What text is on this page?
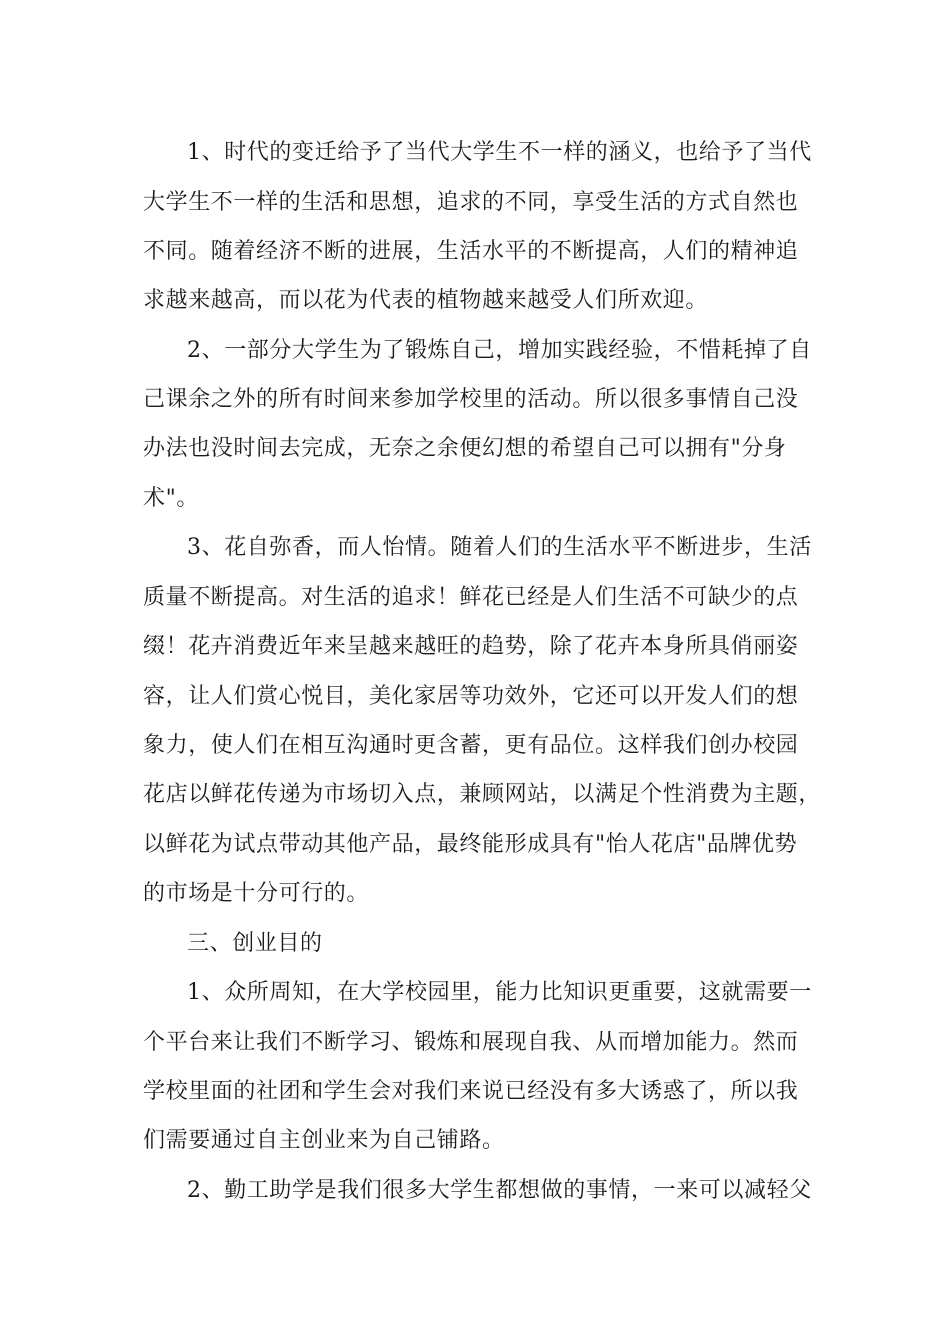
1、时代的变迁给予了当代大学生不一样的涵义，也给予了当代
大学生不一样的生活和思想，追求的不同，享受生活的方式自然也
不同。随着经济不断的进展，生活水平的不断提高，人们的精神追
求越来越高，而以花为代表的植物越来越受人们所欢迎。
2、一部分大学生为了锻炼自己，增加实践经验，不惜耗掉了自
己课余之外的所有时间来参加学校里的活动。所以很多事情自己没
办法也没时间去完成，无奈之余便幻想的希望自己可以拥有"分身
术"。
3、花自弥香，而人怡情。随着人们的生活水平不断进步，生活
质量不断提高。对生活的追求！鲜花已经是人们生活不可缺少的点
缀！花卉消费近年来呈越来越旺的趋势，除了花卉本身所具俏丽姿
容，让人们赏心悦目，美化家居等功效外，它还可以开发人们的想
象力，使人们在相互沟通时更含蓄，更有品位。这样我们创办校园
花店以鲜花传递为市场切入点，兼顾网站，以满足个性消费为主题，
以鲜花为试点带动其他产品，最终能形成具有"怡人花店"品牌优势
的市场是十分可行的。
三、创业目的
1、众所周知，在大学校园里，能力比知识更重要，这就需要一
个平台来让我们不断学习、锻炼和展现自我、从而增加能力。然而
学校里面的社团和学生会对我们来说已经没有多大诱惑了，所以我
们需要通过自主创业来为自己铺路。
2、勤工助学是我们很多大学生都想做的事情，一来可以减轻父
